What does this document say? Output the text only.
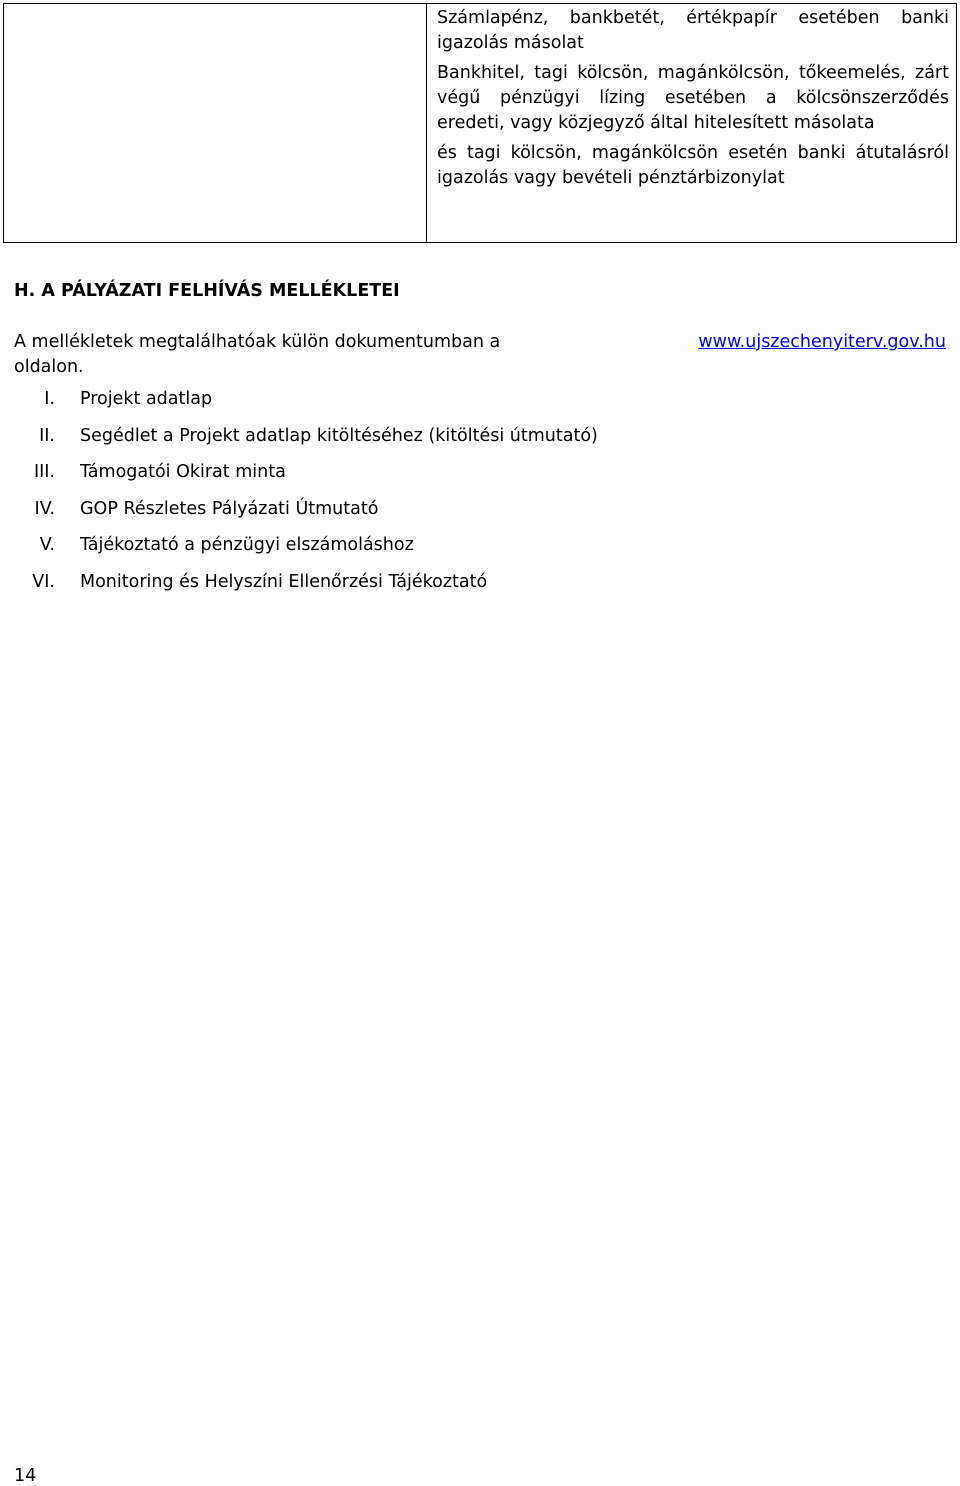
Számlapénz, bankbetét, értékpapír esetében banki igazolás másolat

Bankhitel, tagi kölcsön, magánkölcsön, tőkeemelés, zárt végű pénzügyi lízing esetében a kölcsönszerződés eredeti, vagy közjegyző által hitelesített másolata

és tagi kölcsön, magánkölcsön esetén banki átutalásról igazolás vagy bevételi pénztárbizonylat

H. A PÁLYÁZATI FELHÍVÁS MELLÉKLETEI
A mellékletek megtalálhatóak külön dokumentumban a	www.ujszechenyiterv.gov.hu
oldalon.
I.	Projekt adatlap
II.	Segédlet a Projekt adatlap kitöltéséhez (kitöltési útmutató)
III.	Támogatói Okirat minta
IV.	GOP Részletes Pályázati Útmutató
V.	Tájékoztató a pénzügyi elszámoláshoz
VI.	Monitoring és Helyszíni Ellenőrzési Tájékoztató

14
